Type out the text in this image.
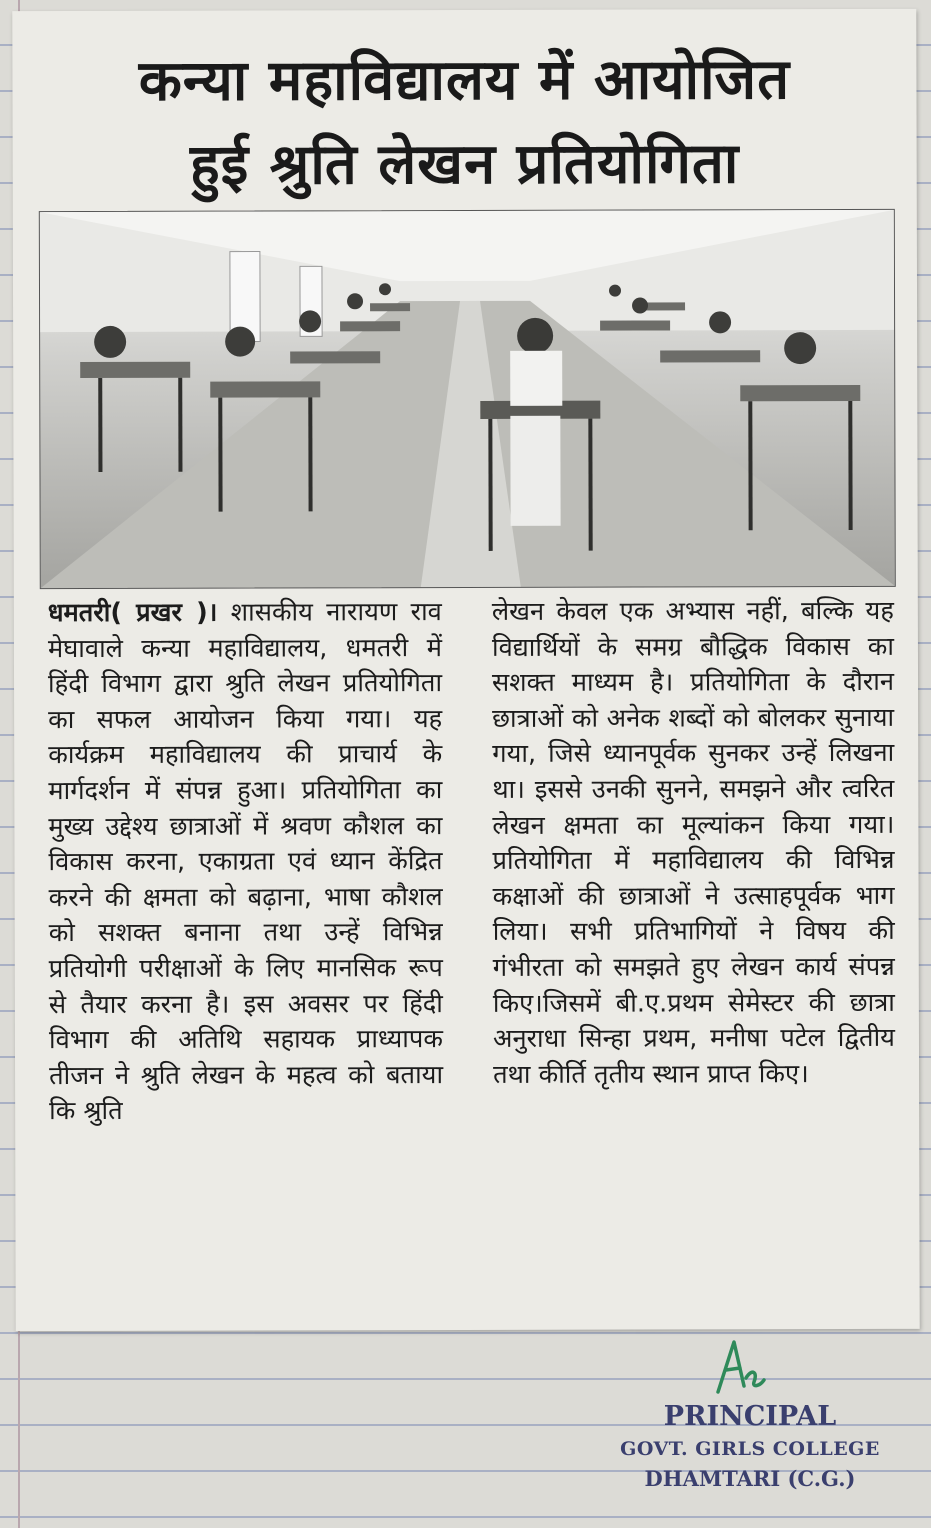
कन्या महाविद्यालय में आयोजित
हुई श्रुति लेखन प्रतियोगिता
धमतरी( प्रखर )। शासकीय नारायण राव मेघावाले कन्या महाविद्यालय, धमतरी में हिंदी विभाग द्वारा श्रुति लेखन प्रतियोगिता का सफल आयोजन किया गया। यह कार्यक्रम महाविद्यालय की प्राचार्य के मार्गदर्शन में संपन्न हुआ। प्रतियोगिता का मुख्य उद्देश्य छात्राओं में श्रवण कौशल का विकास करना, एकाग्रता एवं ध्यान केंद्रित करने की क्षमता को बढ़ाना, भाषा कौशल को सशक्त बनाना तथा उन्हें विभिन्न प्रतियोगी परीक्षाओं के लिए मानसिक रूप से तैयार करना है। इस अवसर पर हिंदी विभाग की अतिथि सहायक प्राध्यापक तीजन ने श्रुति लेखन के महत्व को बताया कि श्रुति
लेखन केवल एक अभ्यास नहीं, बल्कि यह विद्यार्थियों के समग्र बौद्धिक विकास का सशक्त माध्यम है। प्रतियोगिता के दौरान छात्राओं को अनेक शब्दों को बोलकर सुनाया गया, जिसे ध्यानपूर्वक सुनकर उन्हें लिखना था। इससे उनकी सुनने, समझने और त्वरित लेखन क्षमता का मूल्यांकन किया गया। प्रतियोगिता में महाविद्यालय की विभिन्न कक्षाओं की छात्राओं ने उत्साहपूर्वक भाग लिया। सभी प्रतिभागियों ने विषय की गंभीरता को समझते हुए लेखन कार्य संपन्न किए।जिसमें बी.ए.प्रथम सेमेस्टर की छात्रा अनुराधा सिन्हा प्रथम, मनीषा पटेल द्वितीय तथा कीर्ति तृतीय स्थान प्राप्त किए।
PRINCIPAL
GOVT. GIRLS COLLEGE
DHAMTARI (C.G.)
